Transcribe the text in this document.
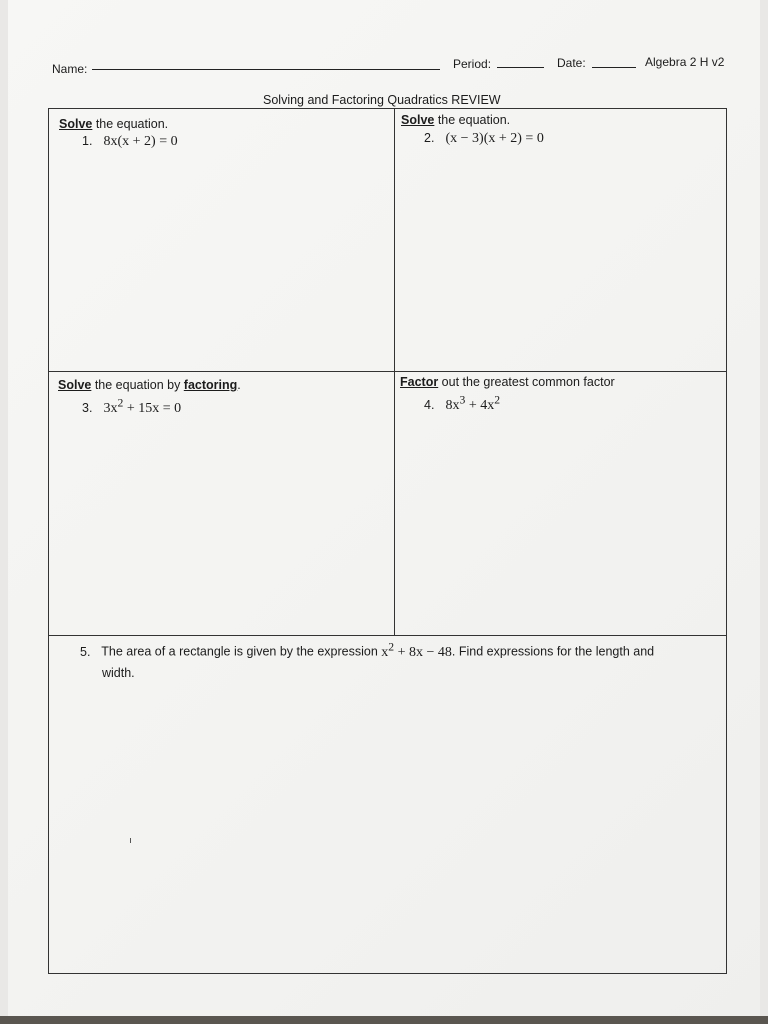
Name:	Period:	Date:	Algebra 2 H v2
Solving and Factoring Quadratics REVIEW
Solve the equation.
1. 8x(x + 2) = 0
Solve the equation.
2. (x − 3)(x + 2) = 0
Solve the equation by factoring.
3. $3x^2 + 15x = 0$
Factor out the greatest common factor
4. $8x^3 + 4x^2$
5. The area of a rectangle is given by the expression $x^2 + 8x - 48$. Find expressions for the length and
width.
